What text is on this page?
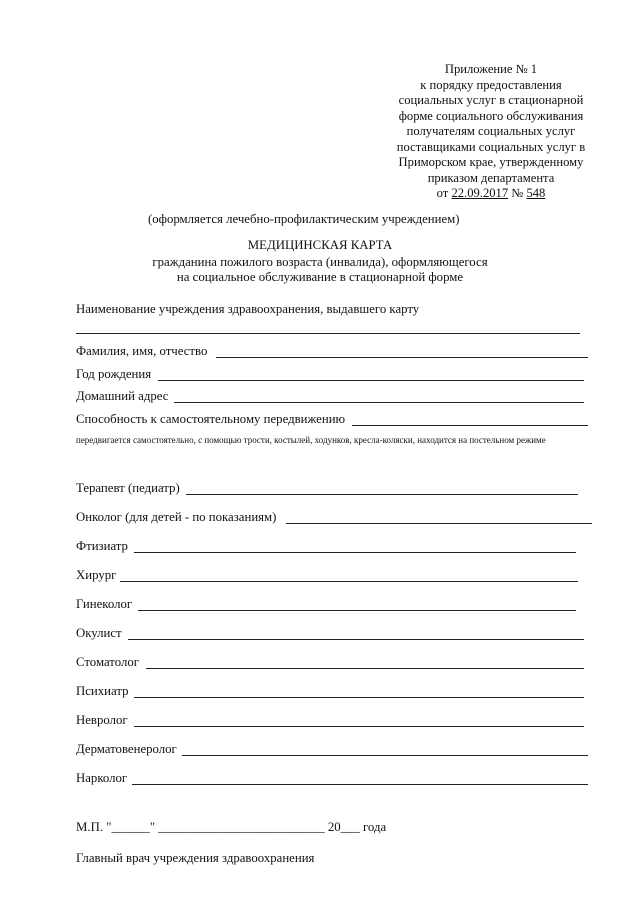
Приложение № 1
к порядку предоставления
социальных услуг в стационарной
форме социального обслуживания
получателям социальных услуг
поставщиками социальных услуг в
Приморском крае, утвержденному
приказом департамента
от 22.09.2017 № 548
(оформляется лечебно-профилактическим учреждением)
МЕДИЦИНСКАЯ КАРТА
гражданина пожилого возраста (инвалида), оформляющегося
на социальное обслуживание в стационарной форме
Наименование учреждения здравоохранения, выдавшего карту
Фамилия, имя, отчество
Год рождения
Домашний адрес
Способность к самостоятельному передвижению
передвигается самостоятельно, с помощью трости, костылей, ходунков, кресла-коляски, находится на постельном режиме
Терапевт (педиатр)
Онколог (для детей - по показаниям)
Фтизиатр
Хирург
Гинеколог
Окулист
Стоматолог
Психиатр
Невролог
Дерматовенеролог
Нарколог
М.П. "______" __________________________ 20___ года
Главный врач учреждения здравоохранения
